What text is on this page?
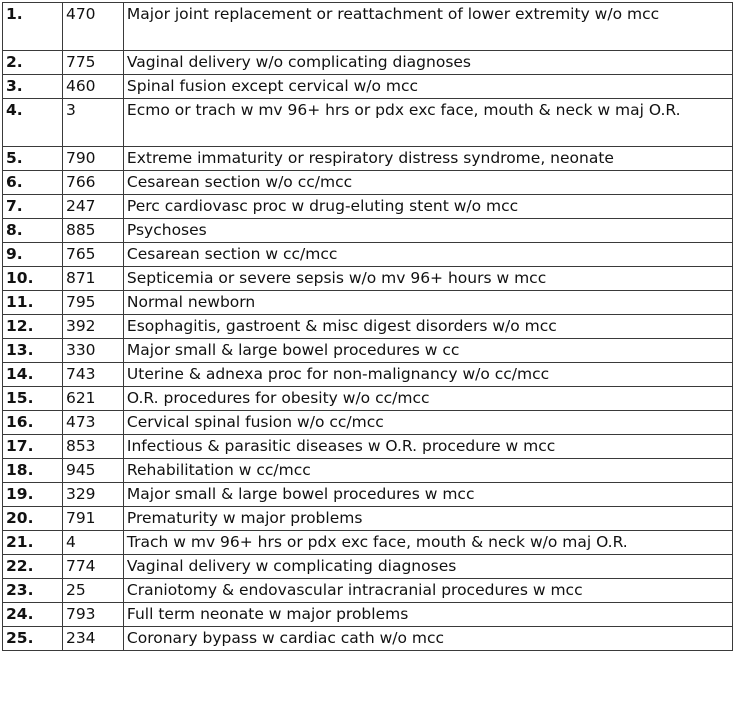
1.	470	Major joint replacement or reattachment of lower extremity w/o mcc
2.	775	Vaginal delivery w/o complicating diagnoses
3.	460	Spinal fusion except cervical w/o mcc
4.	3	Ecmo or trach w mv 96+ hrs or pdx exc face, mouth & neck w maj O.R.
5.	790	Extreme immaturity or respiratory distress syndrome, neonate
6.	766	Cesarean section w/o cc/mcc
7.	247	Perc cardiovasc proc w drug-eluting stent w/o mcc
8.	885	Psychoses
9.	765	Cesarean section w cc/mcc
10.	871	Septicemia or severe sepsis w/o mv 96+ hours w mcc
11.	795	Normal newborn
12.	392	Esophagitis, gastroent & misc digest disorders w/o mcc
13.	330	Major small & large bowel procedures w cc
14.	743	Uterine & adnexa proc for non-malignancy w/o cc/mcc
15.	621	O.R. procedures for obesity w/o cc/mcc
16.	473	Cervical spinal fusion w/o cc/mcc
17.	853	Infectious & parasitic diseases w O.R. procedure w mcc
18.	945	Rehabilitation w cc/mcc
19.	329	Major small & large bowel procedures w mcc
20.	791	Prematurity w major problems
21.	4	Trach w mv 96+ hrs or pdx exc face, mouth & neck w/o maj O.R.
22.	774	Vaginal delivery w complicating diagnoses
23.	25	Craniotomy & endovascular intracranial procedures w mcc
24.	793	Full term neonate w major problems
25.	234	Coronary bypass w cardiac cath w/o mcc
